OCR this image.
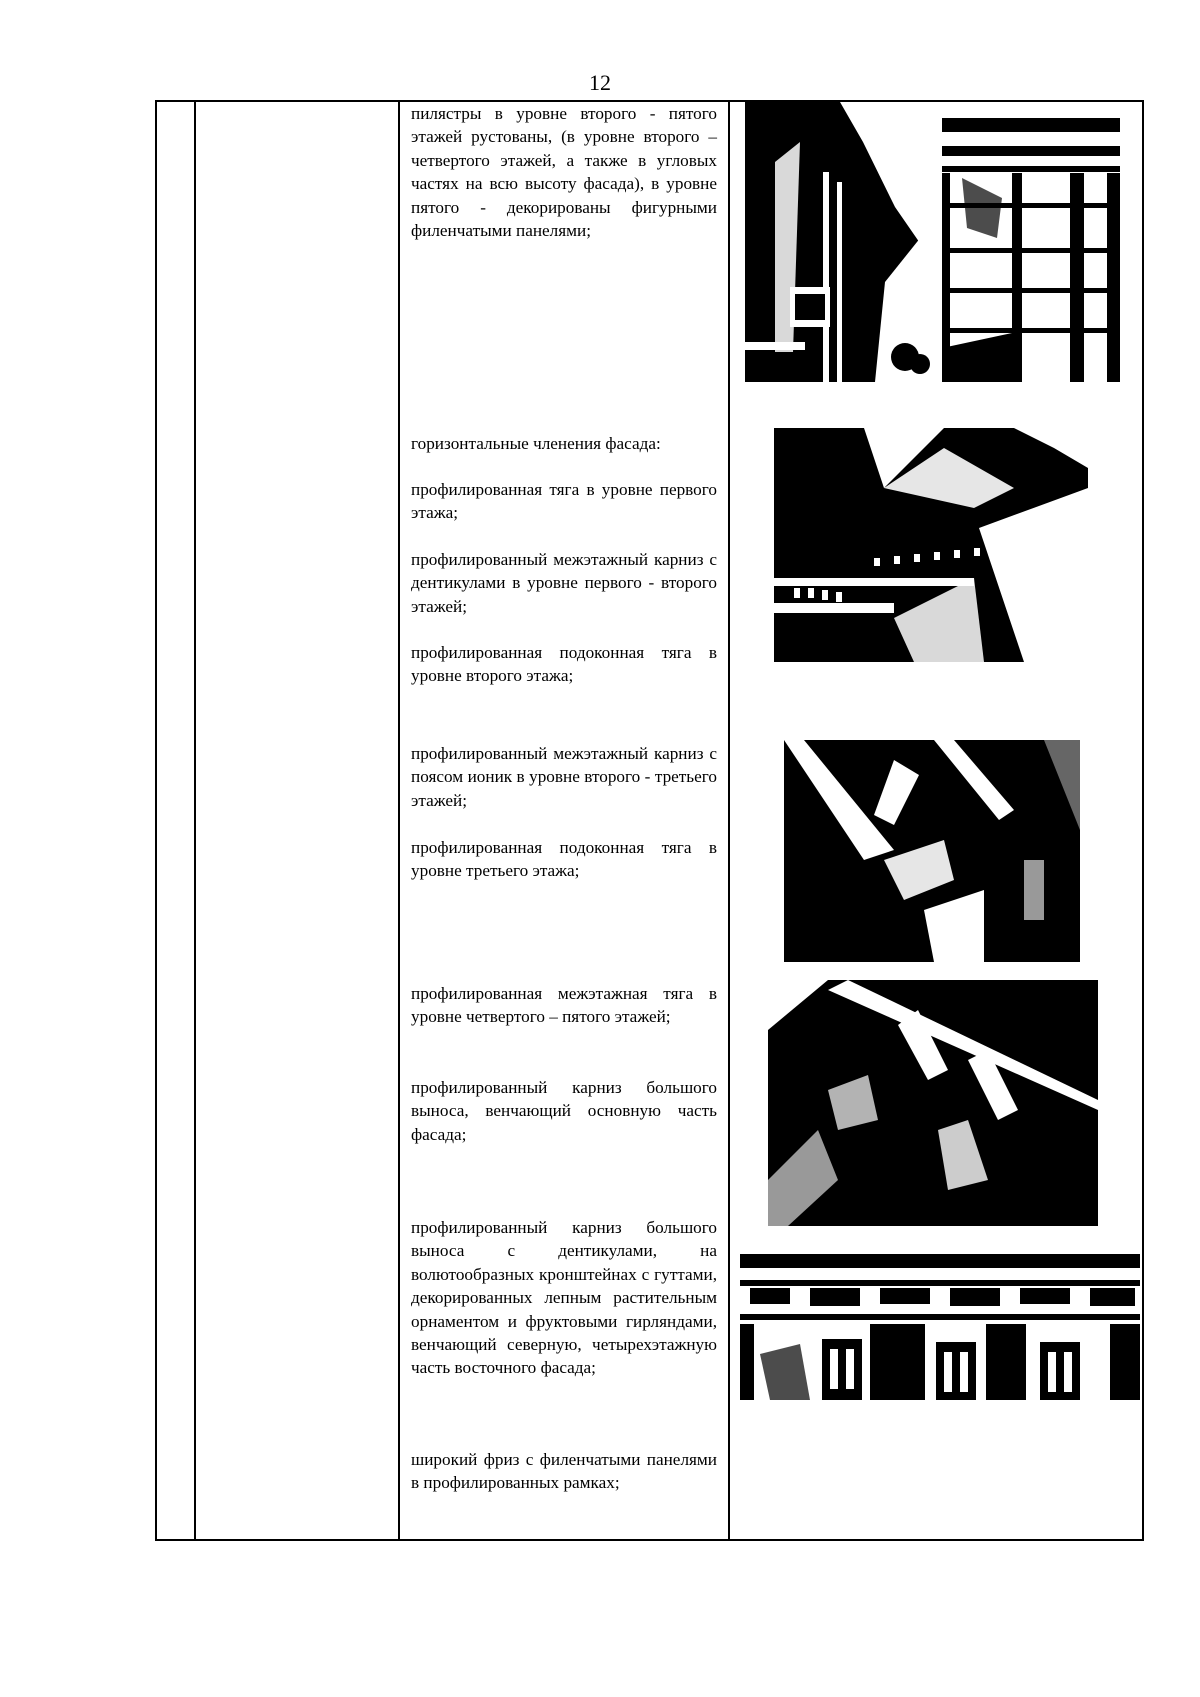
12

пилястры в уровне второго - пятого этажей рустованы, (в уровне второго – четвертого этажей, а также в угловых частях на всю высоту фасада), в уровне пятого - декорированы фигурными филенчатыми панелями;

горизонтальные членения фасада:

профилированная тяга в уровне первого этажа;

профилированный межэтажный карниз с дентикулами в уровне первого - второго этажей;

профилированная подоконная тяга в уровне второго этажа;

профилированный межэтажный карниз с поясом ионик в уровне второго - третьего этажей;

профилированная подоконная тяга в уровне третьего этажа;

профилированная межэтажная тяга в уровне четвертого – пятого этажей;

профилированный карниз большого выноса, венчающий основную часть фасада;

профилированный карниз большого выноса с дентикулами, на волютообразных кронштейнах с гуттами, декорированных лепным растительным орнаментом и фруктовыми гирляндами, венчающий северную, четырехэтажную часть восточного фасада;

широкий фриз с филенчатыми панелями в профилированных рамках;
